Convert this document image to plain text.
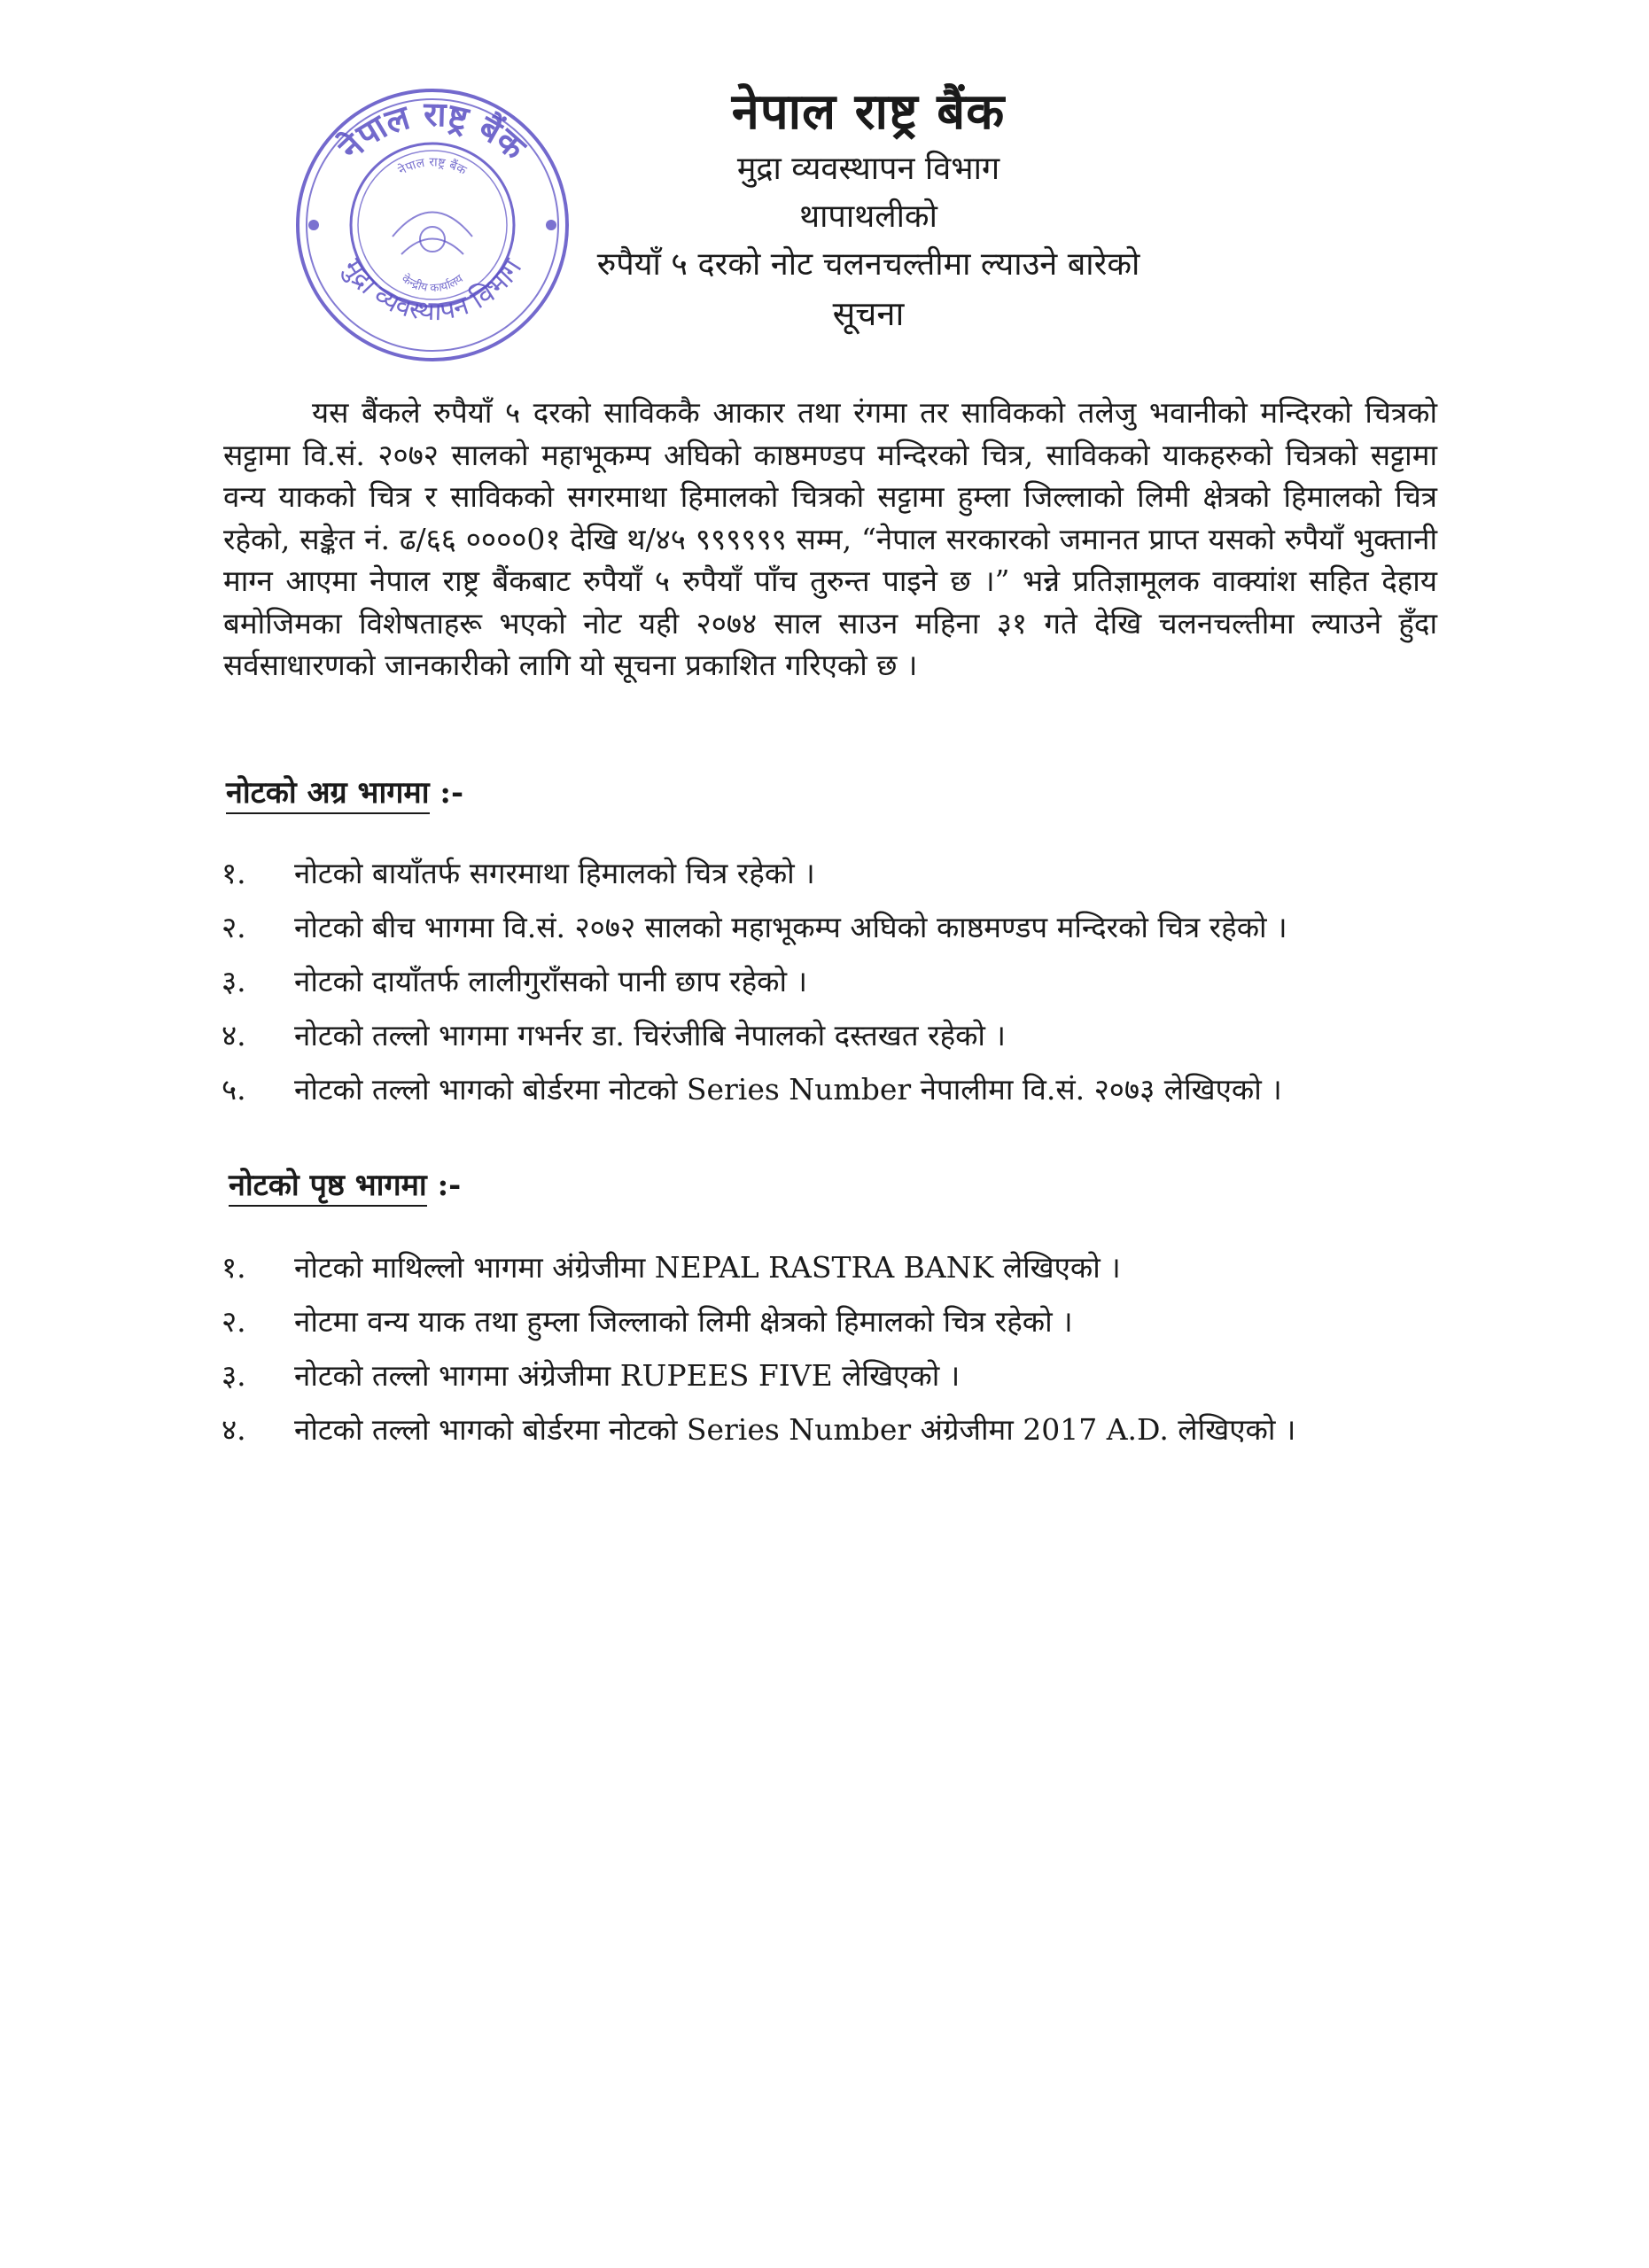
नेपाल राष्ट्र बैंक
मुद्रा व्यवस्थापन विभाग
नेपाल राष्ट्र बैंक
केन्द्रीय कार्यालय
नेपाल राष्ट्र बैंक
मुद्रा व्यवस्थापन विभाग
थापाथलीको
रुपैयाँ ५ दरको नोट चलनचल्तीमा ल्याउने बारेको
सूचना
यस बैंकले रुपैयाँ ५ दरको साविककै आकार तथा रंगमा तर साविकको तलेजु भवानीको मन्दिरको चित्रको सट्टामा वि.सं. २०७२ सालको महाभूकम्प अघिको काष्ठमण्डप मन्दिरको चित्र, साविकको याकहरुको चित्रको सट्टामा वन्य याकको चित्र र साविकको सगरमाथा हिमालको चित्रको सट्टामा हुम्ला जिल्लाको लिमी क्षेत्रको हिमालको चित्र रहेको, सङ्केत नं. ढ/६६ ००००0१ देखि थ/४५ ९९९९९९ सम्म, “नेपाल सरकारको जमानत प्राप्त यसको रुपैयाँ भुक्तानी माग्न आएमा नेपाल राष्ट्र बैंकबाट रुपैयाँ ५ रुपैयाँ पाँच तुरुन्त पाइने छ ।” भन्ने प्रतिज्ञामूलक वाक्यांश सहित देहाय बमोजिमका विशेषताहरू भएको नोट यही २०७४ साल साउन महिना ३१ गते देखि चलनचल्तीमा ल्याउने हुँदा सर्वसाधारणको जानकारीको लागि यो सूचना प्रकाशित गरिएको छ ।
नोटको अग्र भागमा :-
१. नोटको बायाँतर्फ सगरमाथा हिमालको चित्र रहेको ।
२. नोटको बीच भागमा वि.सं. २०७२ सालको महाभूकम्प अघिको काष्ठमण्डप मन्दिरको चित्र रहेको ।
३. नोटको दायाँतर्फ लालीगुराँसको पानी छाप रहेको ।
४. नोटको तल्लो भागमा गभर्नर डा. चिरंजीबि नेपालको दस्तखत रहेको ।
५. नोटको तल्लो भागको बोर्डरमा नोटको Series Number नेपालीमा वि.सं. २०७३ लेखिएको ।
नोटको पृष्ठ भागमा :-
१. नोटको माथिल्लो भागमा अंग्रेजीमा NEPAL RASTRA BANK लेखिएको ।
२. नोटमा वन्य याक तथा हुम्ला जिल्लाको लिमी क्षेत्रको हिमालको चित्र रहेको ।
३. नोटको तल्लो भागमा अंग्रेजीमा RUPEES FIVE लेखिएको ।
४. नोटको तल्लो भागको बोर्डरमा नोटको Series Number अंग्रेजीमा 2017 A.D. लेखिएको ।
